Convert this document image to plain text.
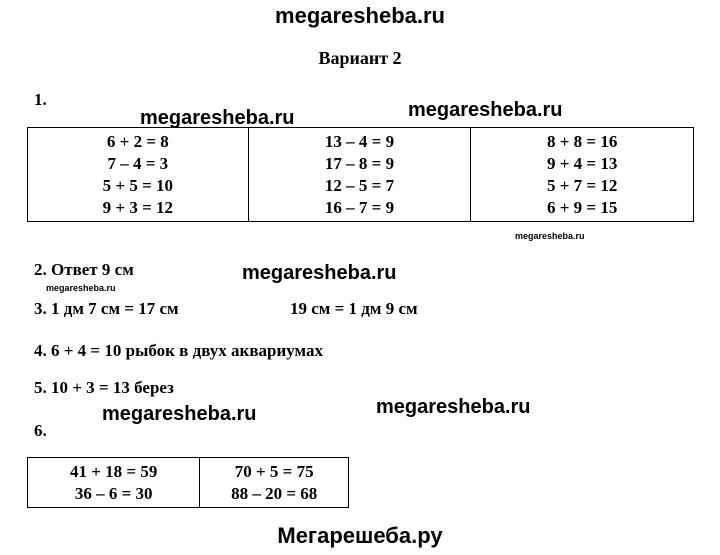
megaresheba.ru
Вариант 2
1.
megaresheba.ru	megaresheba.ru
6 + 2 = 8
7 – 4 = 3
5 + 5 = 10
9 + 3 = 12

13 – 4 = 9
17 – 8 = 9
12 – 5 = 7
16 – 7 = 9

8 + 8 = 16
9 + 4 = 13
5 + 7 = 12
6 + 9 = 15
megaresheba.ru
2. Ответ 9 см	megaresheba.ru
megaresheba.ru
3. 1 дм 7 см = 17 см	19 см = 1 дм 9 см
4. 6 + 4 = 10 рыбок в двух аквариумах
5. 10 + 3 = 13 берез
megaresheba.ru	megaresheba.ru
6.
41 + 18 = 59
36 – 6 = 30

70 + 5 = 75
88 – 20 = 68
Мегарешеба.ру
